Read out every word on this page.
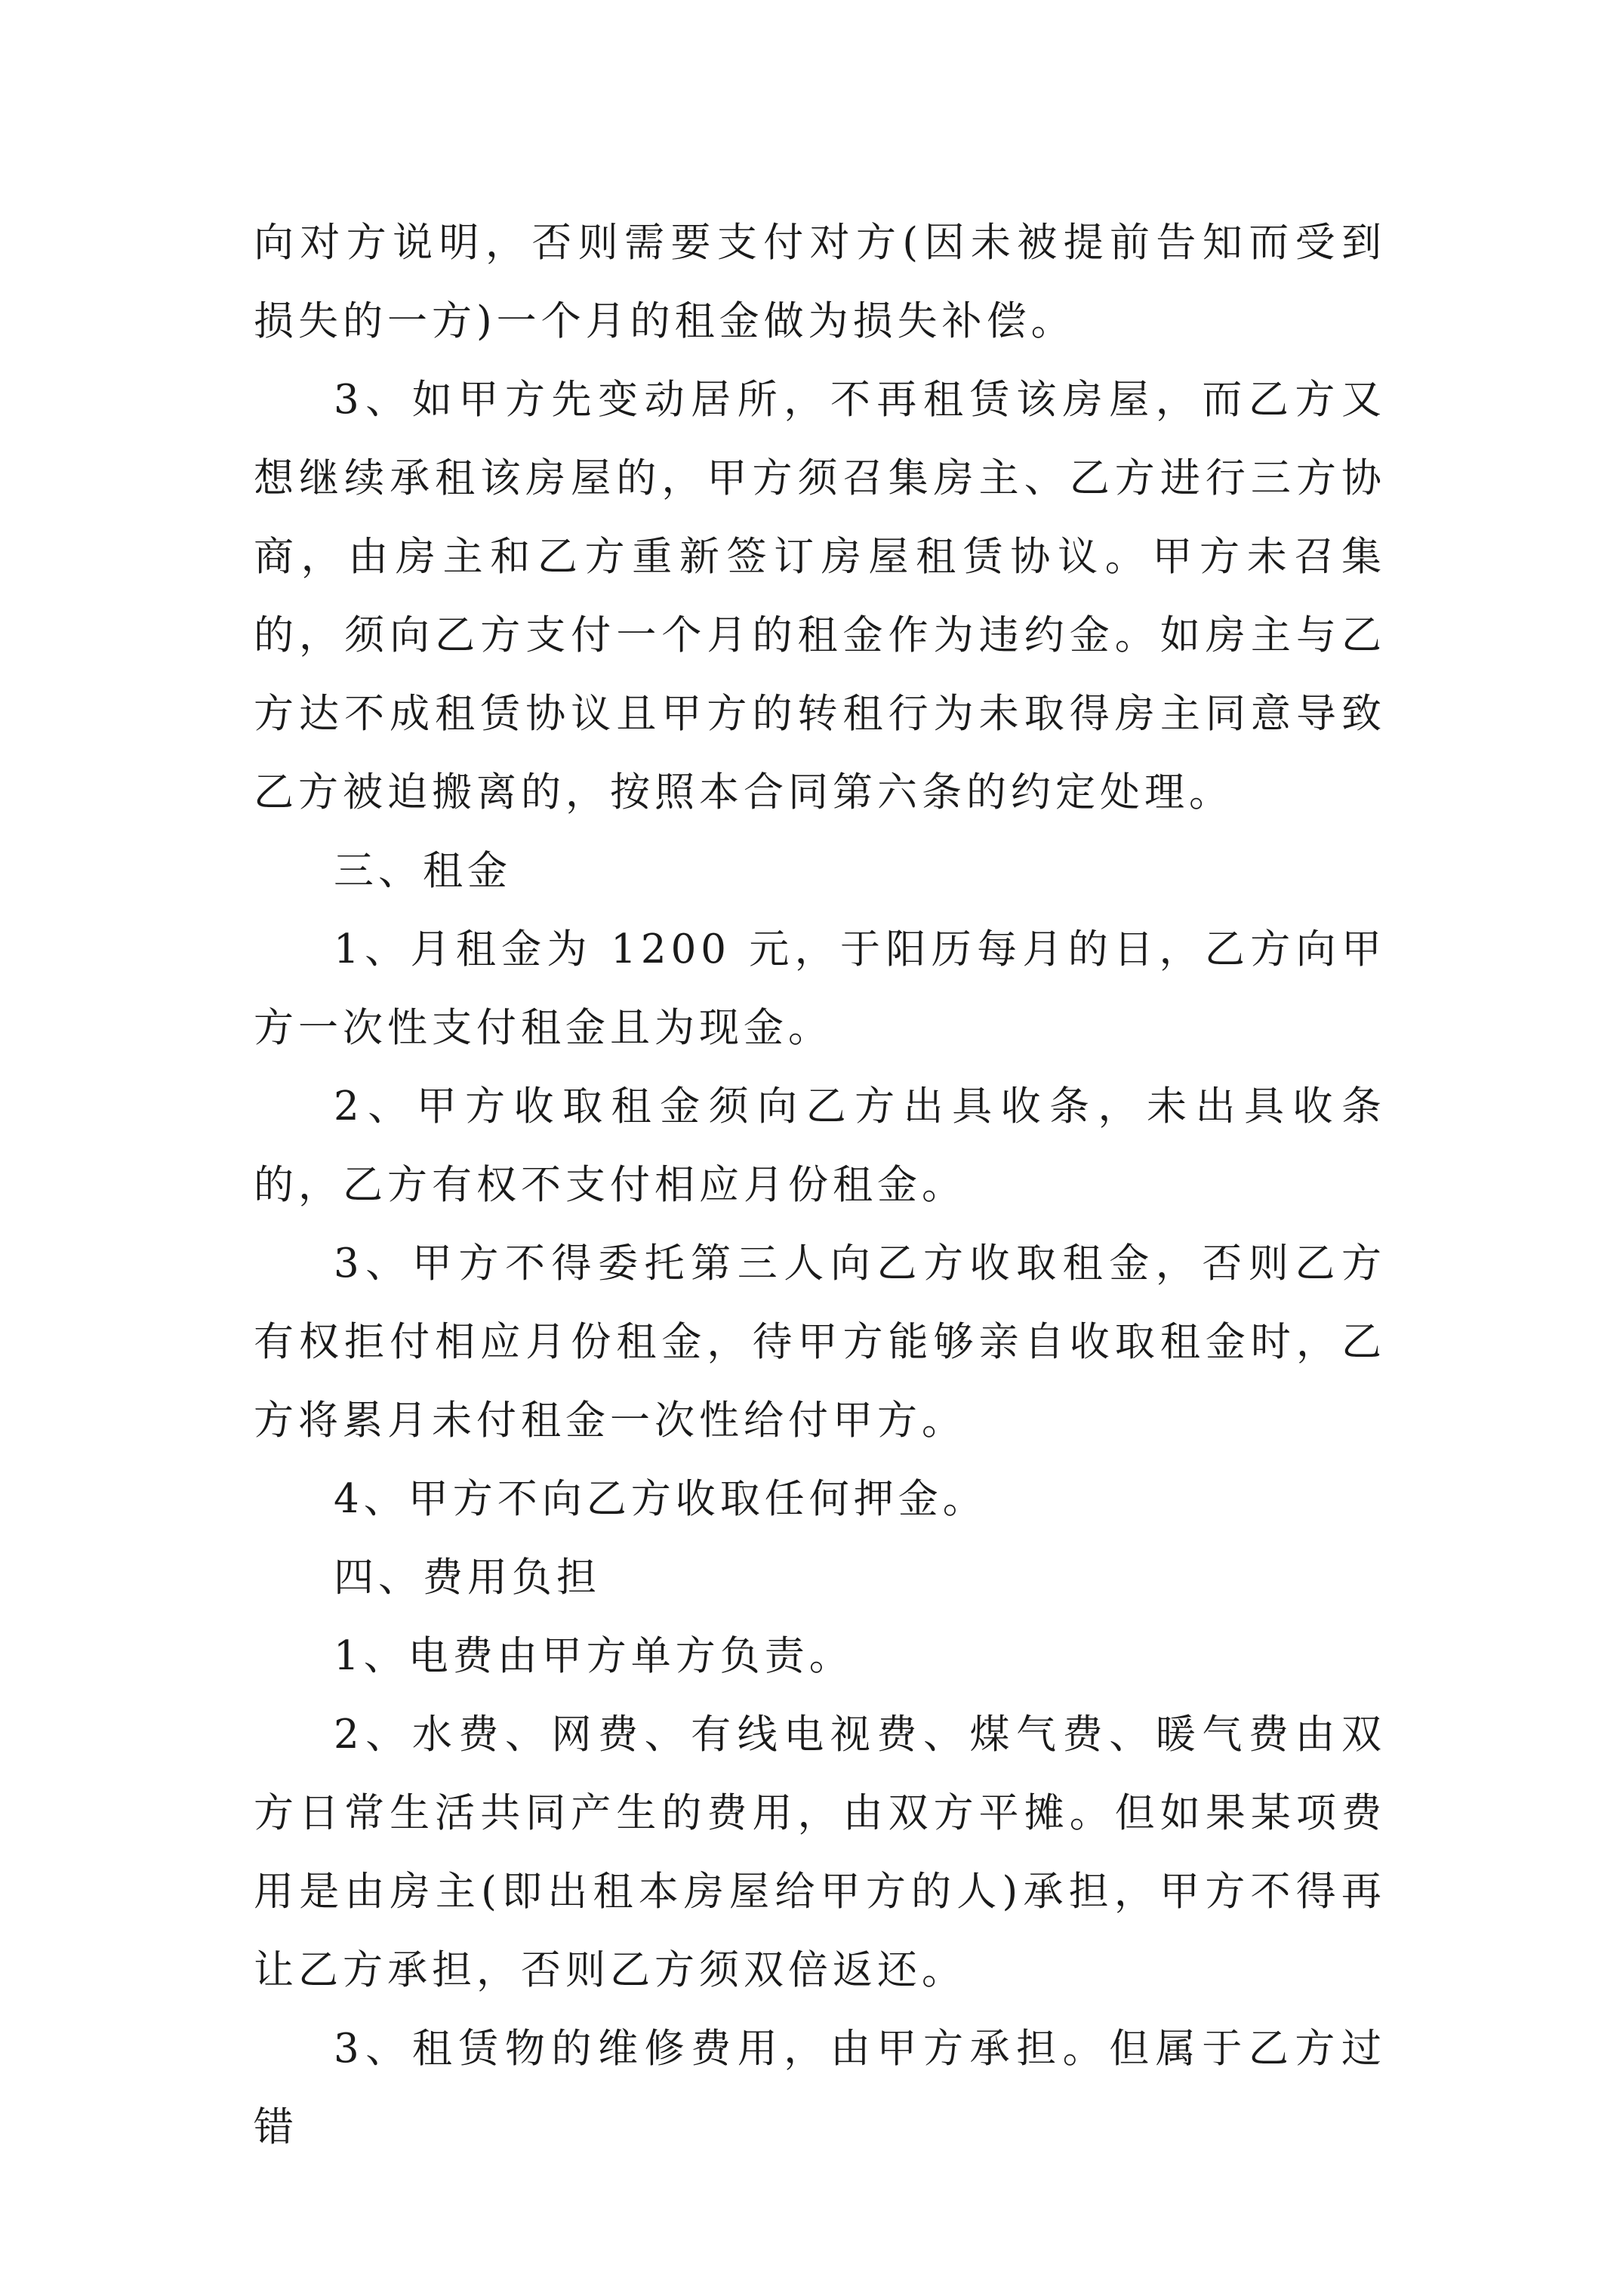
向对方说明，否则需要支付对方(因未被提前告知而受到损失的一方)一个月的租金做为损失补偿。

3、如甲方先变动居所，不再租赁该房屋，而乙方又想继续承租该房屋的，甲方须召集房主、乙方进行三方协商，由房主和乙方重新签订房屋租赁协议。甲方未召集的，须向乙方支付一个月的租金作为违约金。如房主与乙方达不成租赁协议且甲方的转租行为未取得房主同意导致乙方被迫搬离的，按照本合同第六条的约定处理。

三、租金

1、月租金为 1200 元，于阳历每月的日，乙方向甲方一次性支付租金且为现金。

2、甲方收取租金须向乙方出具收条，未出具收条的，乙方有权不支付相应月份租金。

3、甲方不得委托第三人向乙方收取租金，否则乙方有权拒付相应月份租金，待甲方能够亲自收取租金时，乙方将累月未付租金一次性给付甲方。

4、甲方不向乙方收取任何押金。

四、费用负担

1、电费由甲方单方负责。

2、水费、网费、有线电视费、煤气费、暖气费由双方日常生活共同产生的费用，由双方平摊。但如果某项费用是由房主(即出租本房屋给甲方的人)承担，甲方不得再让乙方承担，否则乙方须双倍返还。

3、租赁物的维修费用，由甲方承担。但属于乙方过错
